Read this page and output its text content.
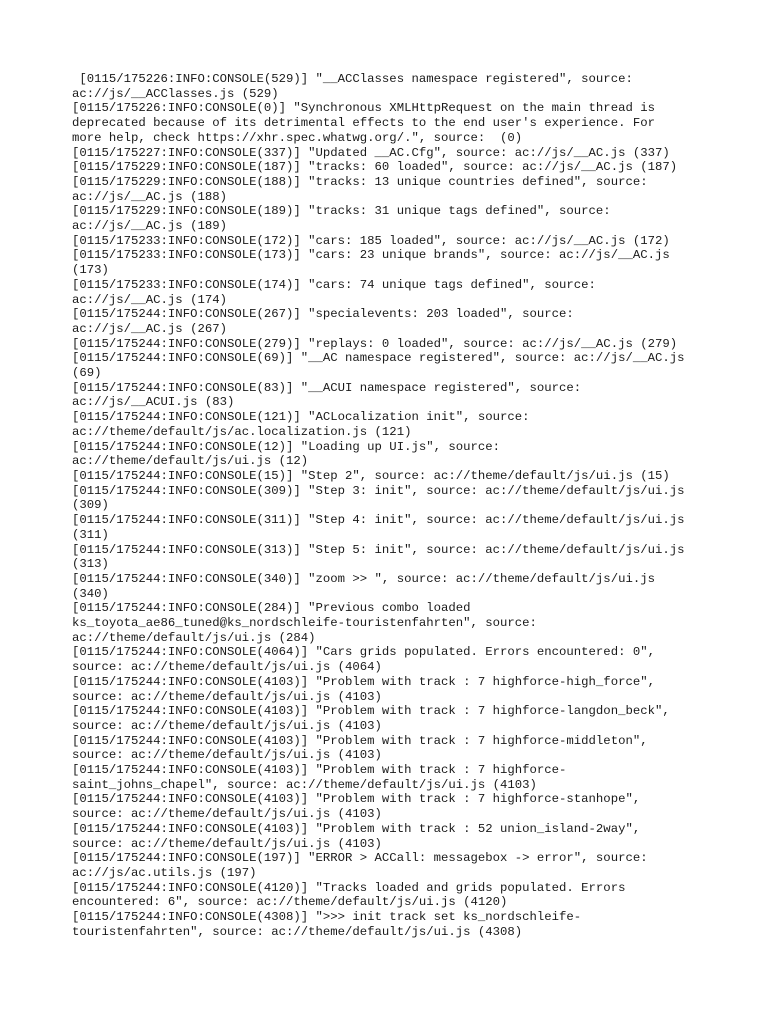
[0115/175226:INFO:CONSOLE(529)] "__ACClasses namespace registered", source:
ac://js/__ACClasses.js (529)
[0115/175226:INFO:CONSOLE(0)] "Synchronous XMLHttpRequest on the main thread is
deprecated because of its detrimental effects to the end user's experience. For
more help, check https://xhr.spec.whatwg.org/.", source:  (0)
[0115/175227:INFO:CONSOLE(337)] "Updated __AC.Cfg", source: ac://js/__AC.js (337)
[0115/175229:INFO:CONSOLE(187)] "tracks: 60 loaded", source: ac://js/__AC.js (187)
[0115/175229:INFO:CONSOLE(188)] "tracks: 13 unique countries defined", source:
ac://js/__AC.js (188)
[0115/175229:INFO:CONSOLE(189)] "tracks: 31 unique tags defined", source:
ac://js/__AC.js (189)
[0115/175233:INFO:CONSOLE(172)] "cars: 185 loaded", source: ac://js/__AC.js (172)
[0115/175233:INFO:CONSOLE(173)] "cars: 23 unique brands", source: ac://js/__AC.js
(173)
[0115/175233:INFO:CONSOLE(174)] "cars: 74 unique tags defined", source:
ac://js/__AC.js (174)
[0115/175244:INFO:CONSOLE(267)] "specialevents: 203 loaded", source:
ac://js/__AC.js (267)
[0115/175244:INFO:CONSOLE(279)] "replays: 0 loaded", source: ac://js/__AC.js (279)
[0115/175244:INFO:CONSOLE(69)] "__AC namespace registered", source: ac://js/__AC.js
(69)
[0115/175244:INFO:CONSOLE(83)] "__ACUI namespace registered", source:
ac://js/__ACUI.js (83)
[0115/175244:INFO:CONSOLE(121)] "ACLocalization init", source:
ac://theme/default/js/ac.localization.js (121)
[0115/175244:INFO:CONSOLE(12)] "Loading up UI.js", source:
ac://theme/default/js/ui.js (12)
[0115/175244:INFO:CONSOLE(15)] "Step 2", source: ac://theme/default/js/ui.js (15)
[0115/175244:INFO:CONSOLE(309)] "Step 3: init", source: ac://theme/default/js/ui.js
(309)
[0115/175244:INFO:CONSOLE(311)] "Step 4: init", source: ac://theme/default/js/ui.js
(311)
[0115/175244:INFO:CONSOLE(313)] "Step 5: init", source: ac://theme/default/js/ui.js
(313)
[0115/175244:INFO:CONSOLE(340)] "zoom >> ", source: ac://theme/default/js/ui.js
(340)
[0115/175244:INFO:CONSOLE(284)] "Previous combo loaded
ks_toyota_ae86_tuned@ks_nordschleife-touristenfahrten", source:
ac://theme/default/js/ui.js (284)
[0115/175244:INFO:CONSOLE(4064)] "Cars grids populated. Errors encountered: 0",
source: ac://theme/default/js/ui.js (4064)
[0115/175244:INFO:CONSOLE(4103)] "Problem with track : 7 highforce-high_force",
source: ac://theme/default/js/ui.js (4103)
[0115/175244:INFO:CONSOLE(4103)] "Problem with track : 7 highforce-langdon_beck",
source: ac://theme/default/js/ui.js (4103)
[0115/175244:INFO:CONSOLE(4103)] "Problem with track : 7 highforce-middleton",
source: ac://theme/default/js/ui.js (4103)
[0115/175244:INFO:CONSOLE(4103)] "Problem with track : 7 highforce-
saint_johns_chapel", source: ac://theme/default/js/ui.js (4103)
[0115/175244:INFO:CONSOLE(4103)] "Problem with track : 7 highforce-stanhope",
source: ac://theme/default/js/ui.js (4103)
[0115/175244:INFO:CONSOLE(4103)] "Problem with track : 52 union_island-2way",
source: ac://theme/default/js/ui.js (4103)
[0115/175244:INFO:CONSOLE(197)] "ERROR > ACCall: messagebox -> error", source:
ac://js/ac.utils.js (197)
[0115/175244:INFO:CONSOLE(4120)] "Tracks loaded and grids populated. Errors
encountered: 6", source: ac://theme/default/js/ui.js (4120)
[0115/175244:INFO:CONSOLE(4308)] ">>> init track set ks_nordschleife-
touristenfahrten", source: ac://theme/default/js/ui.js (4308)
